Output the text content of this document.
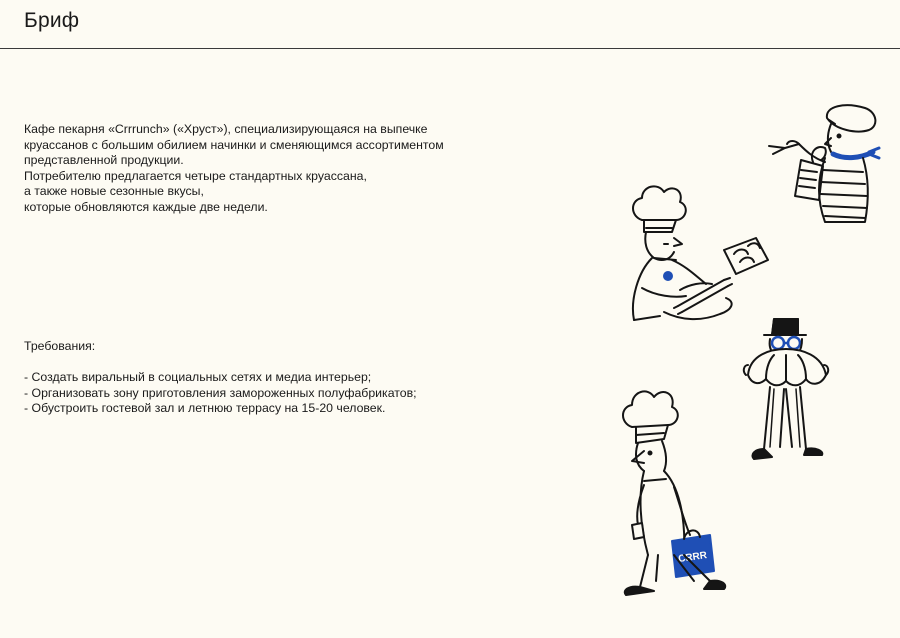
Бриф

Кафе пекарня «Crrrunch» («Хруст»), специализирующаяся на выпечке

круассанов с большим обилием начинки и сменяющимся ассортиментом

представленной продукции.

Потребителю предлагается четыре стандартных круассана,

а также новые сезонные вкусы,

которые обновляются каждые две недели.

Требования:

- Создать виральный в социальных сетях и медиа интерьер;

- Организовать зону приготовления замороженных полуфабрикатов;

- Обустроить гостевой зал и летнюю террасу на 15-20 человек.

CRRR
